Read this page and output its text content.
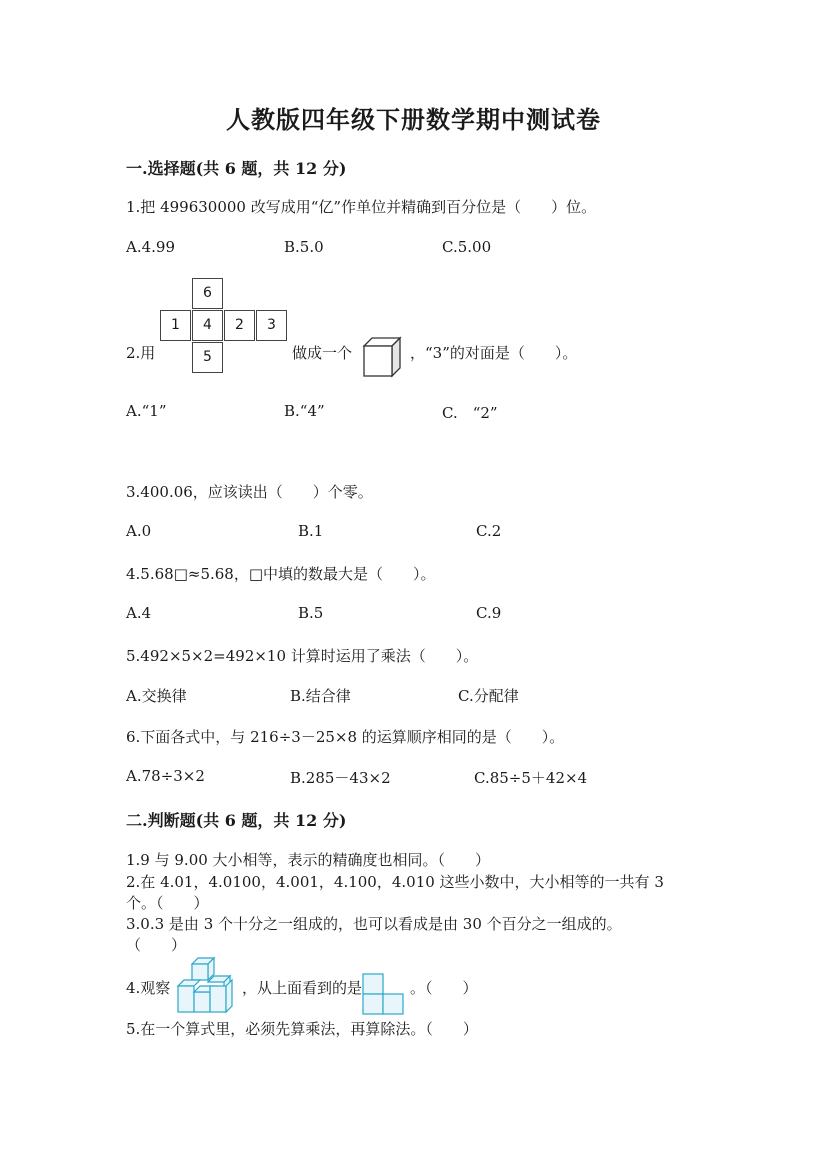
人教版四年级下册数学期中测试卷
一.选择题(共 6 题，共 12 分)
1.把 499630000 改写成用“亿”作单位并精确到百分位是（　　）位。
A.4.99	B.5.0	C.5.00
6
1	4	2	3
5
2.用	做成一个	，“3”的对面是（　　）。
A.“1”	B.“4”	C.　“2”
3.400.06，应该读出（　　）个零。
A.0	B.1	C.2
4.5.68□≈5.68，□中填的数最大是（　　）。
A.4	B.5	C.9
5.492×5×2=492×10 计算时运用了乘法（　　）。
A.交换律	B.结合律	C.分配律
6.下面各式中，与 216÷3－25×8 的运算顺序相同的是（　　）。
A.78÷3×2	B.285－43×2	C.85÷5＋42×4
二.判断题(共 6 题，共 12 分)
1.9 与 9.00 大小相等，表示的精确度也相同。（　　）
2.在 4.01，4.0100，4.001，4.100，4.010 这些小数中，大小相等的一共有 3
个。（　　）
3.0.3 是由 3 个十分之一组成的，也可以看成是由 30 个百分之一组成的。
（　　）
4.观察	，从上面看到的是	。（　　）
5.在一个算式里，必须先算乘法，再算除法。（　　）
